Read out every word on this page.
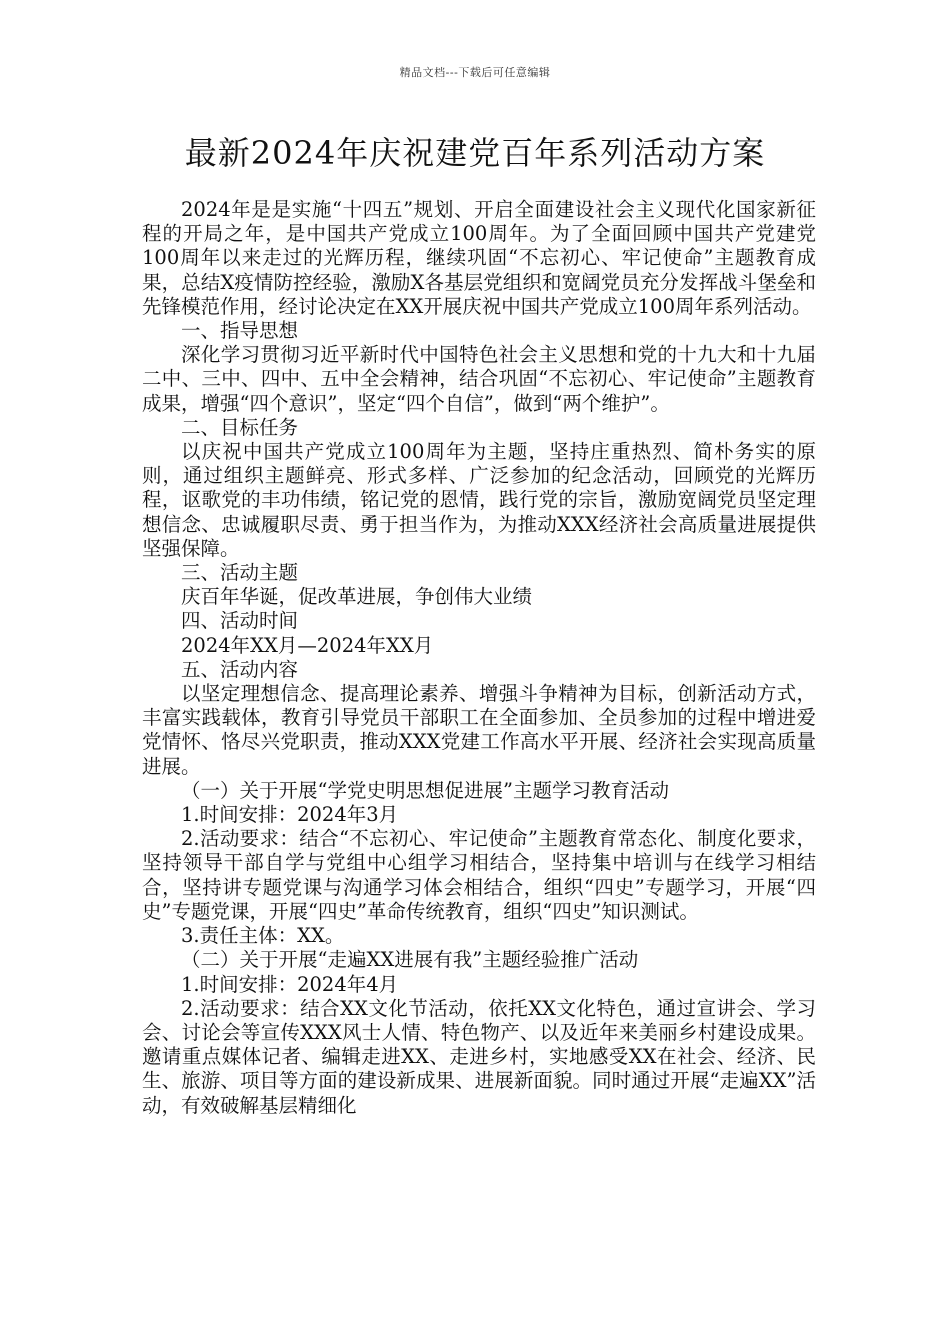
精品文档---下载后可任意编辑
最新2024年庆祝建党百年系列活动方案

2024年是是实施“十四五”规划、开启全面建设社会主义现代化国家新征程的开局之年，是中国共产党成立100周年。为了全面回顾中国共产党建党100周年以来走过的光辉历程，继续巩固“不忘初心、牢记使命”主题教育成果，总结X疫情防控经验，激励X各基层党组织和宽阔党员充分发挥战斗堡垒和先锋模范作用，经讨论决定在XX开展庆祝中国共产党成立100周年系列活动。

一、指导思想

深化学习贯彻习近平新时代中国特色社会主义思想和党的十九大和十九届二中、三中、四中、五中全会精神，结合巩固“不忘初心、牢记使命”主题教育成果，增强“四个意识”，坚定“四个自信”，做到“两个维护”。

二、目标任务

以庆祝中国共产党成立100周年为主题，坚持庄重热烈、简朴务实的原则，通过组织主题鲜亮、形式多样、广泛参加的纪念活动，回顾党的光辉历程，讴歌党的丰功伟绩，铭记党的恩情，践行党的宗旨，激励宽阔党员坚定理想信念、忠诚履职尽责、勇于担当作为，为推动XXX经济社会高质量进展提供坚强保障。

三、活动主题

庆百年华诞，促改革进展，争创伟大业绩

四、活动时间

2024年XX月—2024年XX月

五、活动内容

以坚定理想信念、提高理论素养、增强斗争精神为目标，创新活动方式，丰富实践载体，教育引导党员干部职工在全面参加、全员参加的过程中增进爱党情怀、恪尽兴党职责，推动XXX党建工作高水平开展、经济社会实现高质量进展。

（一）关于开展“学党史明思想促进展”主题学习教育活动

1.时间安排：2024年3月

2.活动要求：结合“不忘初心、牢记使命”主题教育常态化、制度化要求，坚持领导干部自学与党组中心组学习相结合，坚持集中培训与在线学习相结合，坚持讲专题党课与沟通学习体会相结合，组织“四史”专题学习，开展“四史”专题党课，开展“四史”革命传统教育，组织“四史”知识测试。

3.责任主体：XX。

（二）关于开展“走遍XX进展有我”主题经验推广活动

1.时间安排：2024年4月

2.活动要求：结合XX文化节活动，依托XX文化特色，通过宣讲会、学习会、讨论会等宣传XXX风士人情、特色物产、以及近年来美丽乡村建设成果。邀请重点媒体记者、编辑走进XX、走进乡村，实地感受XX在社会、经济、民生、旅游、项目等方面的建设新成果、进展新面貌。同时通过开展“走遍XX”活动，有效破解基层精细化
